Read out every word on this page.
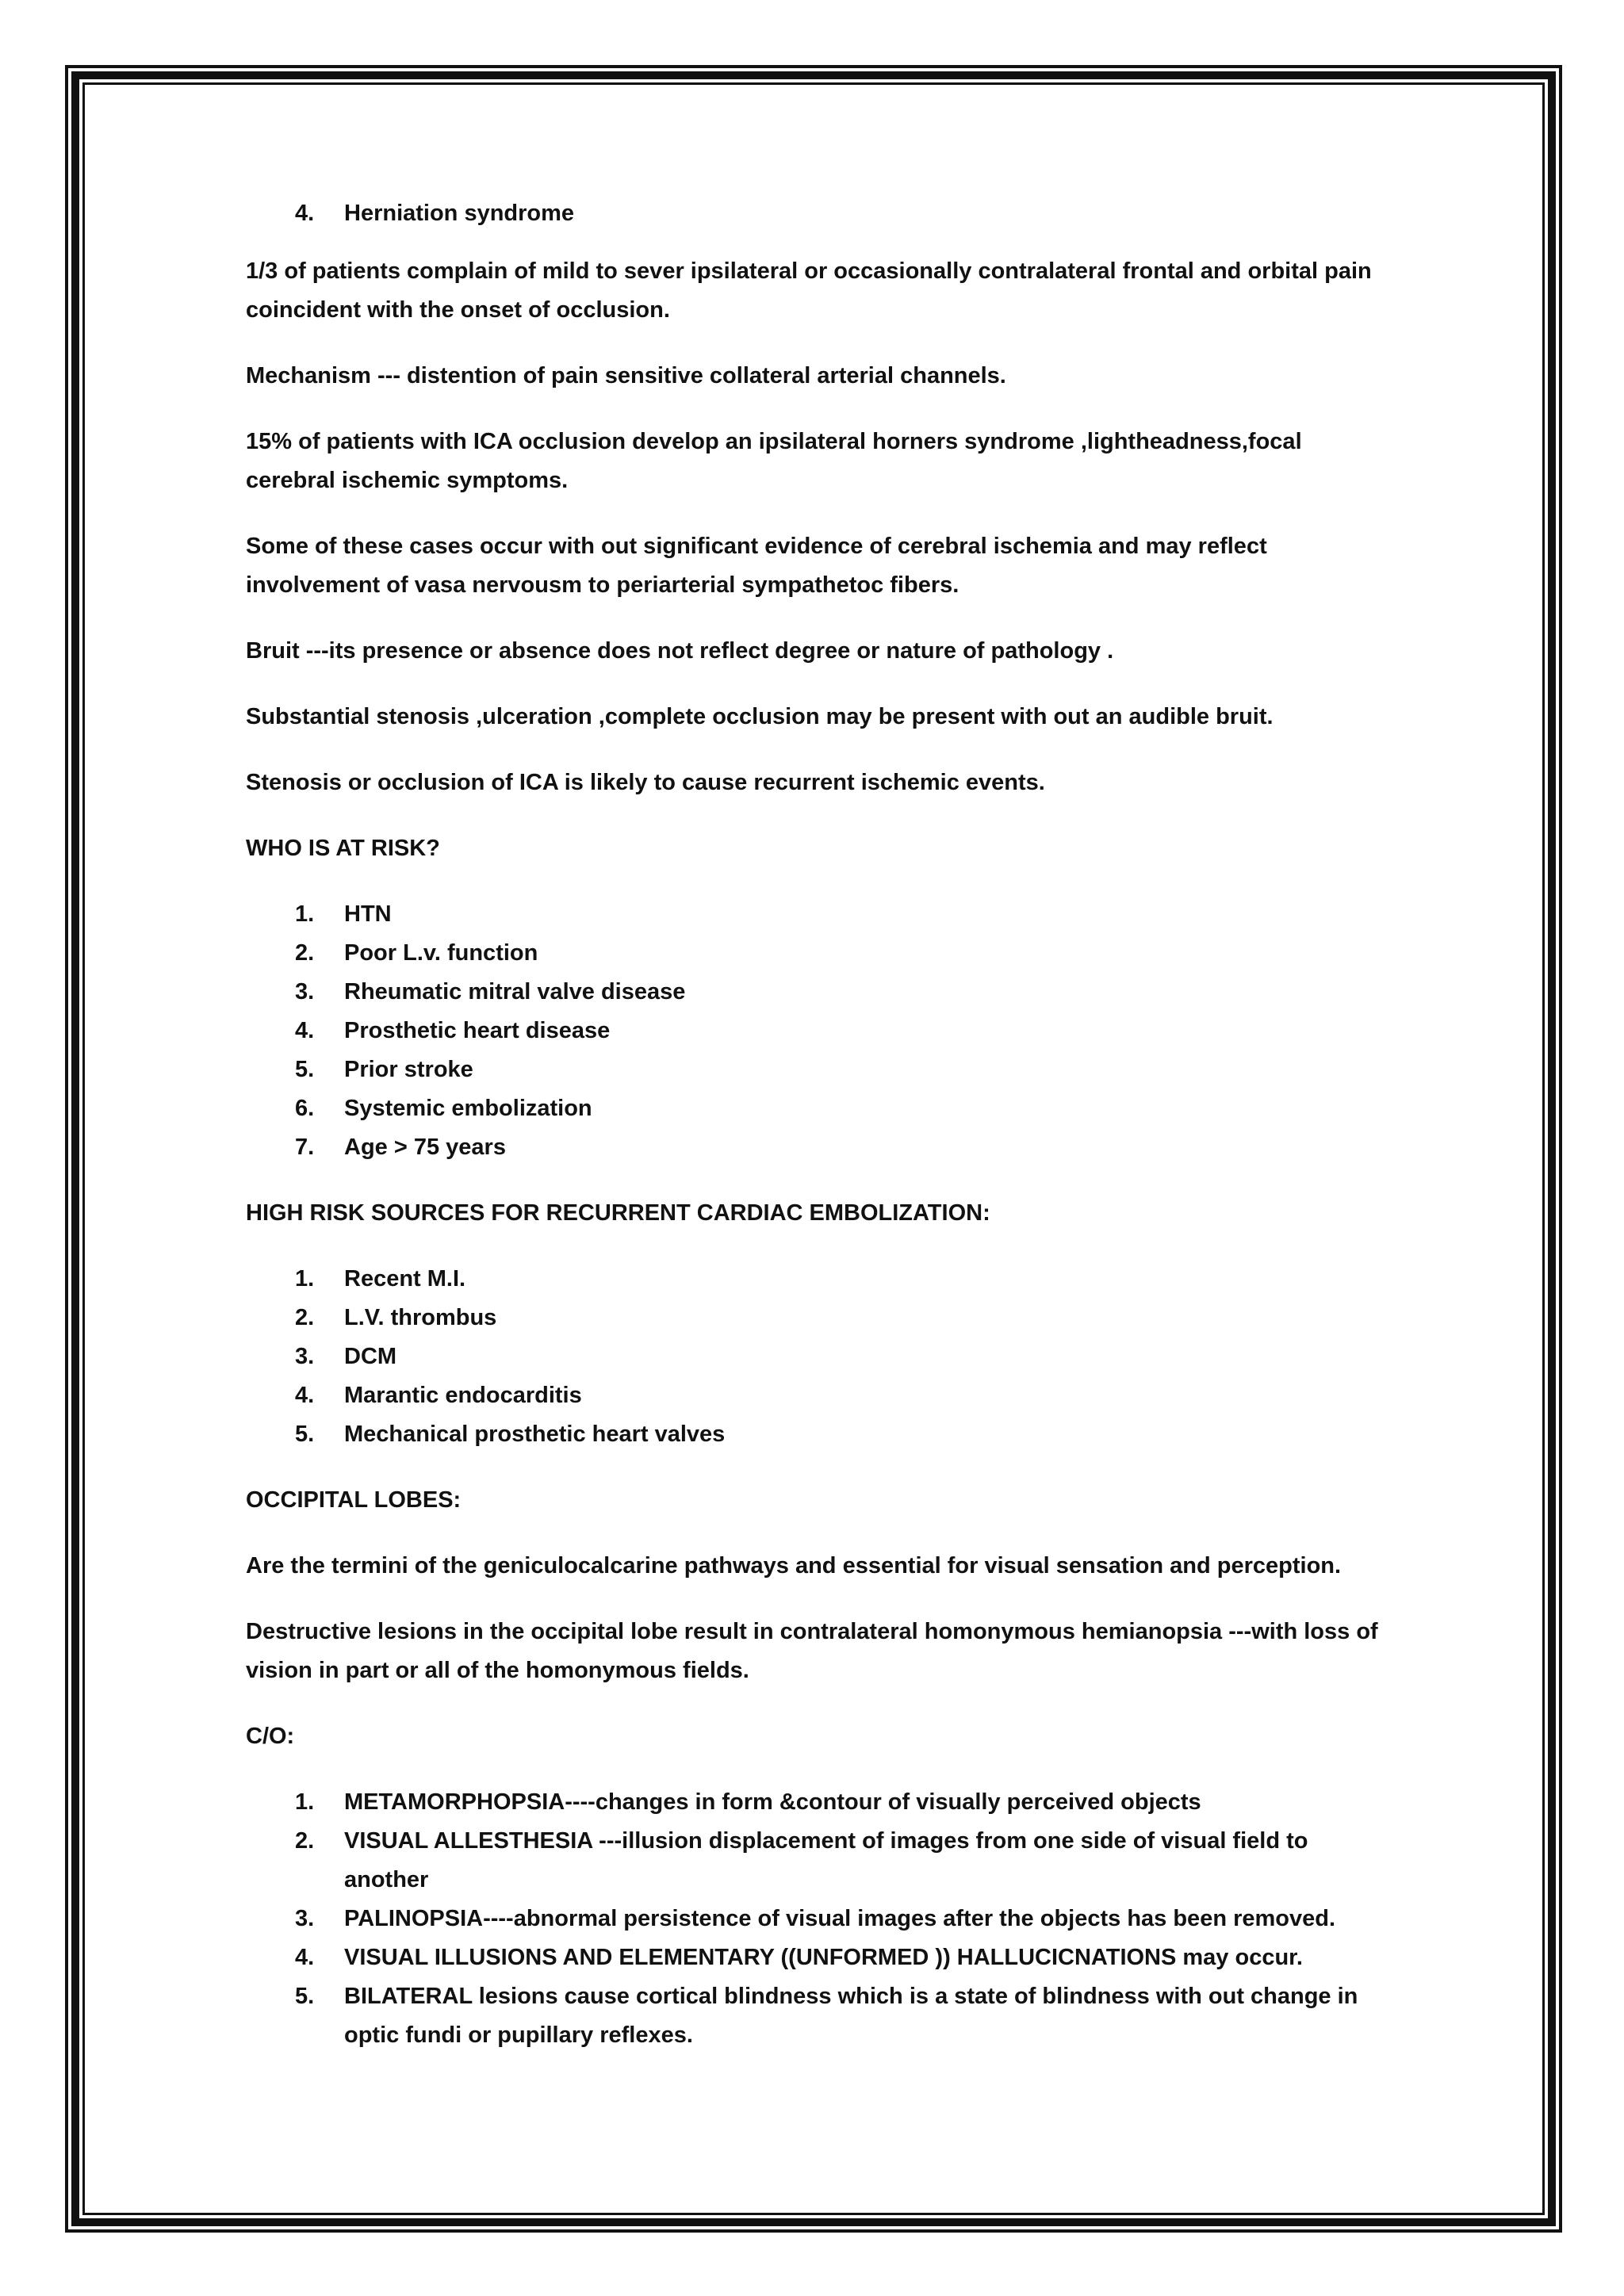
4. Herniation syndrome

1/3 of patients complain of mild to sever ipsilateral or occasionally contralateral frontal and orbital pain coincident with the onset of occlusion.

Mechanism --- distention of pain sensitive collateral arterial channels.

15% of patients with ICA occlusion develop an ipsilateral horners syndrome ,lightheadness,focal cerebral ischemic symptoms.

Some of these cases occur with out significant evidence of cerebral ischemia and may reflect involvement of vasa nervousm to periarterial sympathetoc fibers.

Bruit ---its presence or absence does not reflect degree or nature of pathology .

Substantial stenosis ,ulceration ,complete occlusion may be present with out an audible bruit.

Stenosis or occlusion of ICA is likely to cause recurrent ischemic events.

WHO IS AT RISK?

1. HTN
2. Poor L.v. function
3. Rheumatic mitral valve disease
4. Prosthetic heart disease
5. Prior stroke
6. Systemic embolization
7. Age > 75 years

HIGH RISK SOURCES FOR RECURRENT CARDIAC EMBOLIZATION:

1. Recent M.I.
2. L.V. thrombus
3. DCM
4. Marantic endocarditis
5. Mechanical prosthetic heart valves

OCCIPITAL LOBES:

Are the termini of the geniculocalcarine pathways and essential for visual sensation and perception.

Destructive lesions in the occipital lobe result in contralateral homonymous hemianopsia ---with loss of vision in part or all of the homonymous fields.

C/O:

1. METAMORPHOPSIA----changes in form &contour of visually perceived objects
2. VISUAL ALLESTHESIA ---illusion displacement of images from one side of visual field to another
3. PALINOPSIA----abnormal persistence of visual images after the objects has been removed.
4. VISUAL ILLUSIONS AND ELEMENTARY ((UNFORMED )) HALLUCICNATIONS may occur.
5. BILATERAL lesions cause cortical blindness which is a state of blindness with out change in optic fundi or pupillary reflexes.
